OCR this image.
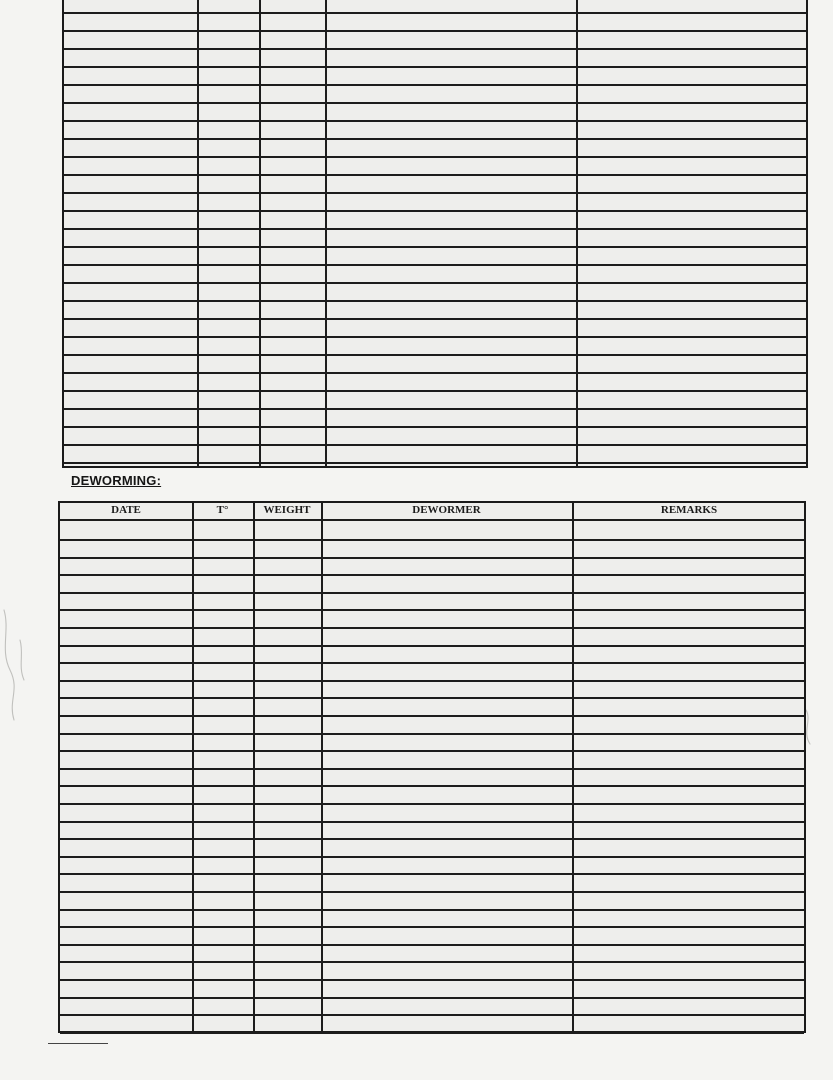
DEWORMING:
DATE	T°	WEIGHT	DEWORMER	REMARKS
